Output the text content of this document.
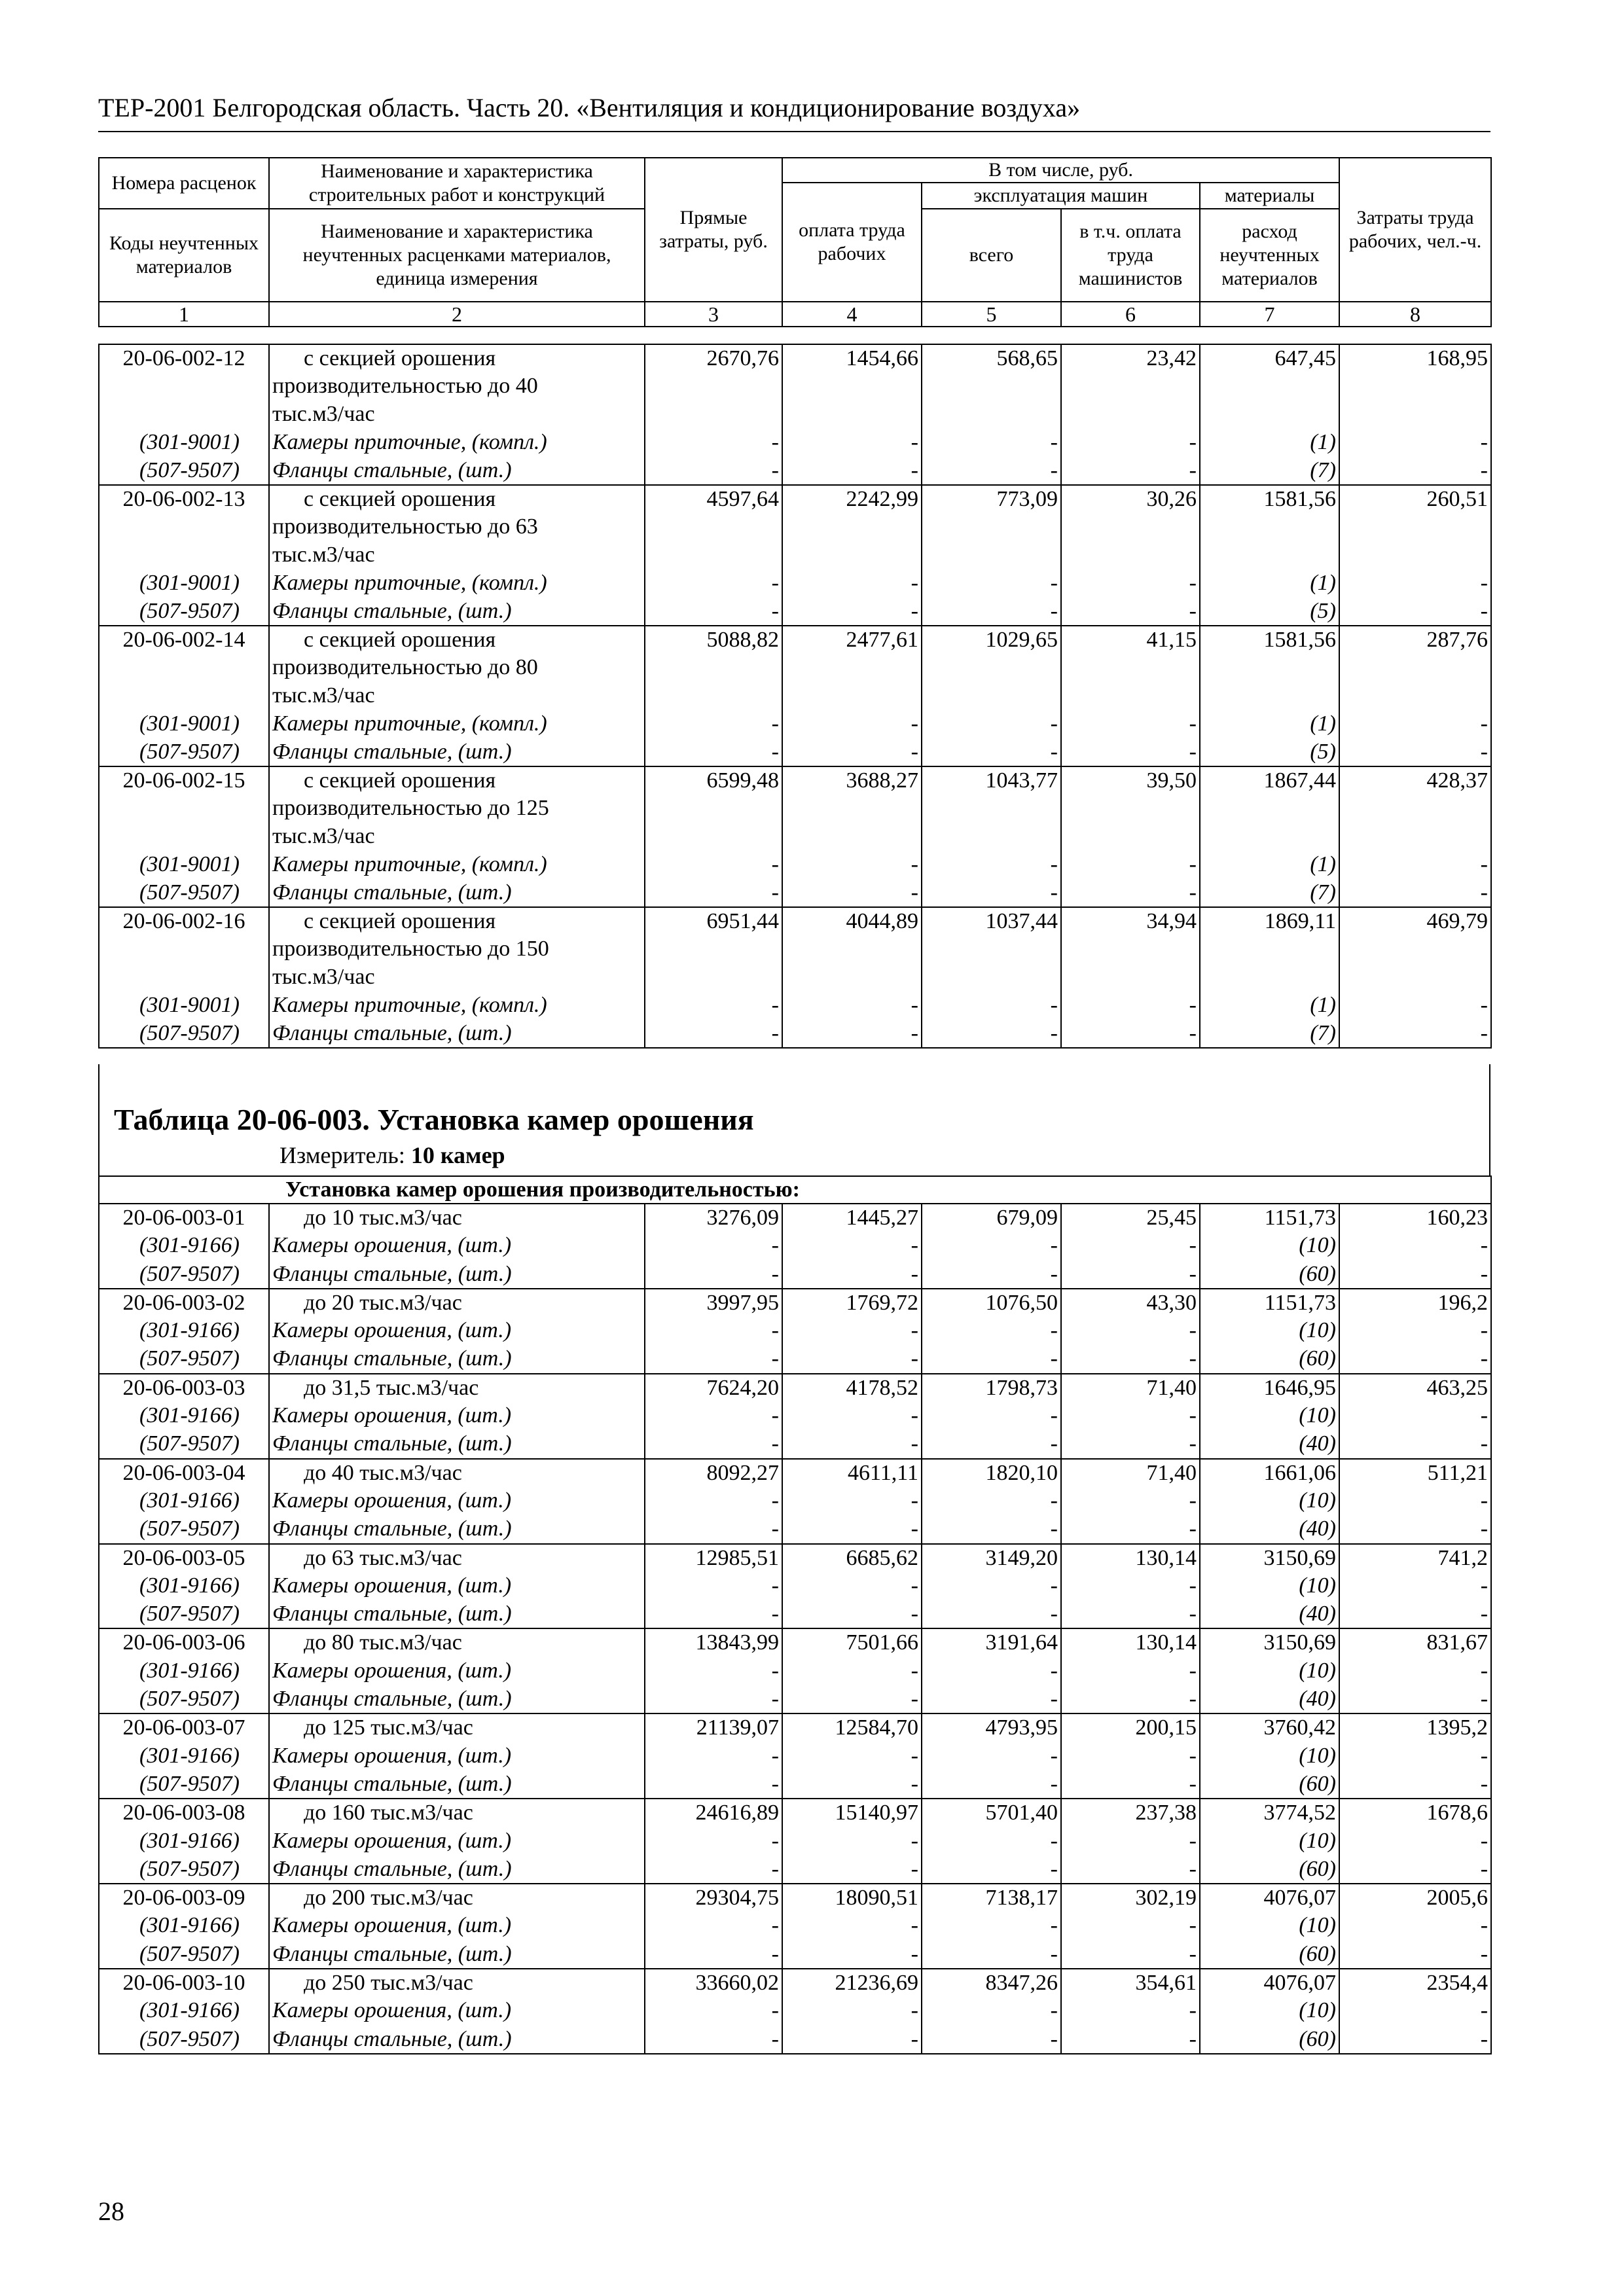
ТЕР-2001 Белгородская область. Часть 20. «Вентиляция и кондиционирование воздуха»
Номера расценок	Наименование и характеристика строительных работ и конструкций	Прямые затраты, руб.	В том числе, руб.				Затраты труда рабочих, чел.-ч.
			оплата труда рабочих	эксплуатация машин		материалы	
Коды неучтенных материалов	Наименование и характеристика неучтенных расценками материалов, единица измерения			всего	в т.ч. оплата труда машинистов	расход неучтенных материалов	

1	2	3	4	5	6	7	8
20-06-002-12	с секцией орошения	2670,76	1454,66	568,65	23,42	647,45	168,95
	производительностью до 40						
	тыс.м3/час						
(301-9001)	Камеры приточные, (компл.)	-	-	-	-	(1)	-
(507-9507)	Фланцы стальные, (шт.)	-	-	-	-	(7)	-
20-06-002-13	с секцией орошения	4597,64	2242,99	773,09	30,26	1581,56	260,51
	производительностью до 63						
	тыс.м3/час						
(301-9001)	Камеры приточные, (компл.)	-	-	-	-	(1)	-
(507-9507)	Фланцы стальные, (шт.)	-	-	-	-	(5)	-
20-06-002-14	с секцией орошения	5088,82	2477,61	1029,65	41,15	1581,56	287,76
	производительностью до 80						
	тыс.м3/час						
(301-9001)	Камеры приточные, (компл.)	-	-	-	-	(1)	-
(507-9507)	Фланцы стальные, (шт.)	-	-	-	-	(5)	-
20-06-002-15	с секцией орошения	6599,48	3688,27	1043,77	39,50	1867,44	428,37
	производительностью до 125						
	тыс.м3/час						
(301-9001)	Камеры приточные, (компл.)	-	-	-	-	(1)	-
(507-9507)	Фланцы стальные, (шт.)	-	-	-	-	(7)	-
20-06-002-16	с секцией орошения	6951,44	4044,89	1037,44	34,94	1869,11	469,79
	производительностью до 150						
	тыс.м3/час						
(301-9001)	Камеры приточные, (компл.)	-	-	-	-	(1)	-
(507-9507)	Фланцы стальные, (шт.)	-	-	-	-	(7)	-
Таблица 20-06-003. Установка камер орошения
Измеритель: 10 камер
Установка камер орошения производительностью:							
20-06-003-01	до 10 тыс.м3/час	3276,09	1445,27	679,09	25,45	1151,73	160,23
(301-9166)	Камеры орошения, (шт.)	-	-	-	-	(10)	-
(507-9507)	Фланцы стальные, (шт.)	-	-	-	-	(60)	-
20-06-003-02	до 20 тыс.м3/час	3997,95	1769,72	1076,50	43,30	1151,73	196,2
(301-9166)	Камеры орошения, (шт.)	-	-	-	-	(10)	-
(507-9507)	Фланцы стальные, (шт.)	-	-	-	-	(60)	-
20-06-003-03	до 31,5 тыс.м3/час	7624,20	4178,52	1798,73	71,40	1646,95	463,25
(301-9166)	Камеры орошения, (шт.)	-	-	-	-	(10)	-
(507-9507)	Фланцы стальные, (шт.)	-	-	-	-	(40)	-
20-06-003-04	до 40 тыс.м3/час	8092,27	4611,11	1820,10	71,40	1661,06	511,21
(301-9166)	Камеры орошения, (шт.)	-	-	-	-	(10)	-
(507-9507)	Фланцы стальные, (шт.)	-	-	-	-	(40)	-
20-06-003-05	до 63 тыс.м3/час	12985,51	6685,62	3149,20	130,14	3150,69	741,2
(301-9166)	Камеры орошения, (шт.)	-	-	-	-	(10)	-
(507-9507)	Фланцы стальные, (шт.)	-	-	-	-	(40)	-
20-06-003-06	до 80 тыс.м3/час	13843,99	7501,66	3191,64	130,14	3150,69	831,67
(301-9166)	Камеры орошения, (шт.)	-	-	-	-	(10)	-
(507-9507)	Фланцы стальные, (шт.)	-	-	-	-	(40)	-
20-06-003-07	до 125 тыс.м3/час	21139,07	12584,70	4793,95	200,15	3760,42	1395,2
(301-9166)	Камеры орошения, (шт.)	-	-	-	-	(10)	-
(507-9507)	Фланцы стальные, (шт.)	-	-	-	-	(60)	-
20-06-003-08	до 160 тыс.м3/час	24616,89	15140,97	5701,40	237,38	3774,52	1678,6
(301-9166)	Камеры орошения, (шт.)	-	-	-	-	(10)	-
(507-9507)	Фланцы стальные, (шт.)	-	-	-	-	(60)	-
20-06-003-09	до 200 тыс.м3/час	29304,75	18090,51	7138,17	302,19	4076,07	2005,6
(301-9166)	Камеры орошения, (шт.)	-	-	-	-	(10)	-
(507-9507)	Фланцы стальные, (шт.)	-	-	-	-	(60)	-
20-06-003-10	до 250 тыс.м3/час	33660,02	21236,69	8347,26	354,61	4076,07	2354,4
(301-9166)	Камеры орошения, (шт.)	-	-	-	-	(10)	-
(507-9507)	Фланцы стальные, (шт.)	-	-	-	-	(60)	-
28
